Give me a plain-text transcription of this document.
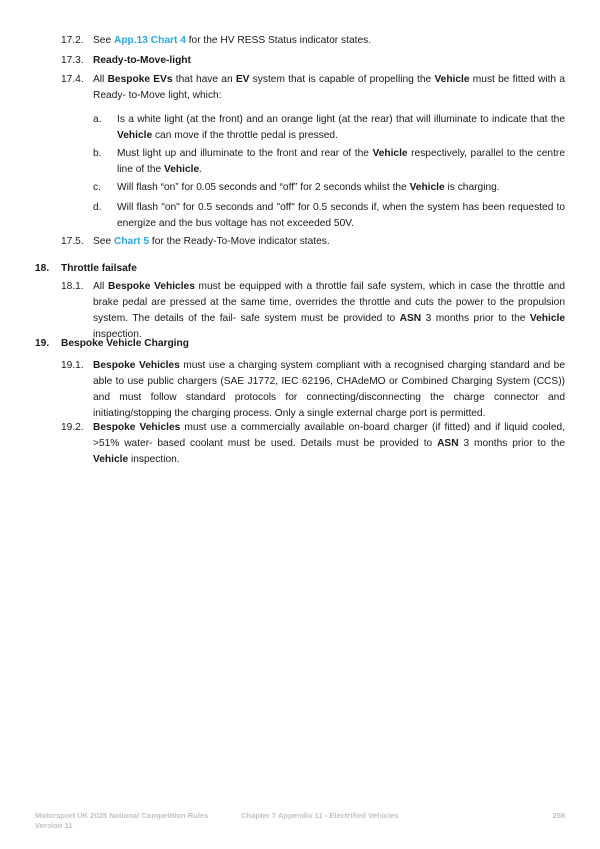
17.2. See App.13 Chart 4 for the HV RESS Status indicator states.
17.3. Ready-to-Move-light
17.4. All Bespoke EVs that have an EV system that is capable of propelling the Vehicle must be fitted with a Ready- to-Move light, which:
a. Is a white light (at the front) and an orange light (at the rear) that will illuminate to indicate that the Vehicle can move if the throttle pedal is pressed.
b. Must light up and illuminate to the front and rear of the Vehicle respectively, parallel to the centre line of the Vehicle.
c. Will flash “on” for 0.05 seconds and “off” for 2 seconds whilst the Vehicle is charging.
d. Will flash "on" for 0.5 seconds and "off" for 0.5 seconds if, when the system has been requested to energize and the bus voltage has not exceeded 50V.
17.5. See Chart 5 for the Ready-To-Move indicator states.
18. Throttle failsafe
18.1. All Bespoke Vehicles must be equipped with a throttle fail safe system, which in case the throttle and brake pedal are pressed at the same time, overrides the throttle and cuts the power to the propulsion system. The details of the fail- safe system must be provided to ASN 3 months prior to the Vehicle inspection.
19. Bespoke Vehicle Charging
19.1. Bespoke Vehicles must use a charging system compliant with a recognised charging standard and be able to use public chargers (SAE J1772, IEC 62196, CHAdeMO or Combined Charging System (CCS)) and must follow standard protocols for connecting/disconnecting the charge connector and initiating/stopping the charging process. Only a single external charge port is permitted.
19.2. Bespoke Vehicles must use a commercially available on-board charger (if fitted) and if liquid cooled, >51% water- based coolant must be used. Details must be provided to ASN 3 months prior to the Vehicle inspection.
Motorsport UK 2025 National Competition Rules
Version 11
Chapter 7 Appendix 11 - Electrified Vehicles	258
